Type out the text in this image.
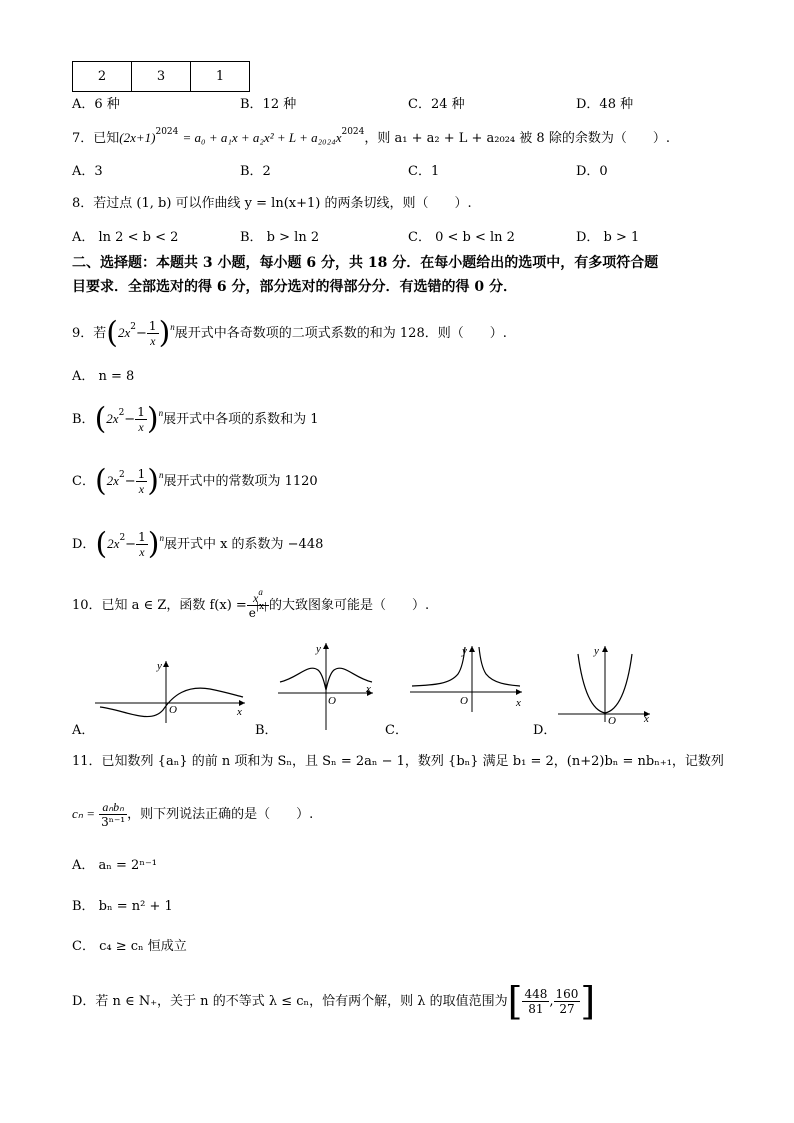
2	3	1
A．6 种	B．12 种	C．24 种	D．48 种
7．已知$(2x+1)^{2024} = a_0 + a_1x + a_2x^2 + L + a_{2024}x^{2024}$，则 a₁ + a₂ + L + a₂₀₂₄ 被 8 除的余数为（　　）.
A．3	B．2	C．1	D．0
8．若过点 (1, b) 可以作曲线 y = ln(x+1) 的两条切线，则（　　）.
A． ln 2 < b < 2	B． b > ln 2	C． 0 < b < ln 2	D． b > 1
二、选择题：本题共 3 小题，每小题 6 分，共 18 分．在每小题给出的选项中，有多项符合题
目要求．全部选对的得 6 分，部分选对的得部分分．有选错的得 0 分．
9．若$(2x^2- \frac{1}{x} )^n$展开式中各奇数项的二项式系数的和为 128．则（　　）.
A． n = 8
B．$(2x^2- \frac{1}{x} )^n$展开式中各项的系数和为 1
C．$(2x^2- \frac{1}{x} )^n$展开式中的常数项为 1120
D．$(2x^2- \frac{1}{x} )^n$展开式中 x 的系数为 −448
10．已知 a ∈ Z，函数 $f(x) = \frac{x^a}{e^{|x|}}$ 的大致图象可能是（　　）.
y
O	x
A．
y
O
x
B．
y
O	x
C．
y
O	x
D．
11．已知数列 {aₙ} 的前 n 项和为 Sₙ，且 Sₙ = 2aₙ − 1，数列 {bₙ} 满足 b₁ = 2，(n+2)bₙ = nbₙ₊₁，记数列
$c_n = \frac{\text{aₙbₙ}}{\text{3ⁿ⁻¹}}$ ，则下列说法正确的是（　　）.
A． aₙ = 2ⁿ⁻¹
B． bₙ = n² + 1
C． c₄ ≥ cₙ 恒成立
D．若 n ∈ N₊，关于 n 的不等式 λ ≤ cₙ，恰有两个解，则 λ 的取值范围为[ $\frac{448}{81}$ , $\frac{160}{27}$ ]
